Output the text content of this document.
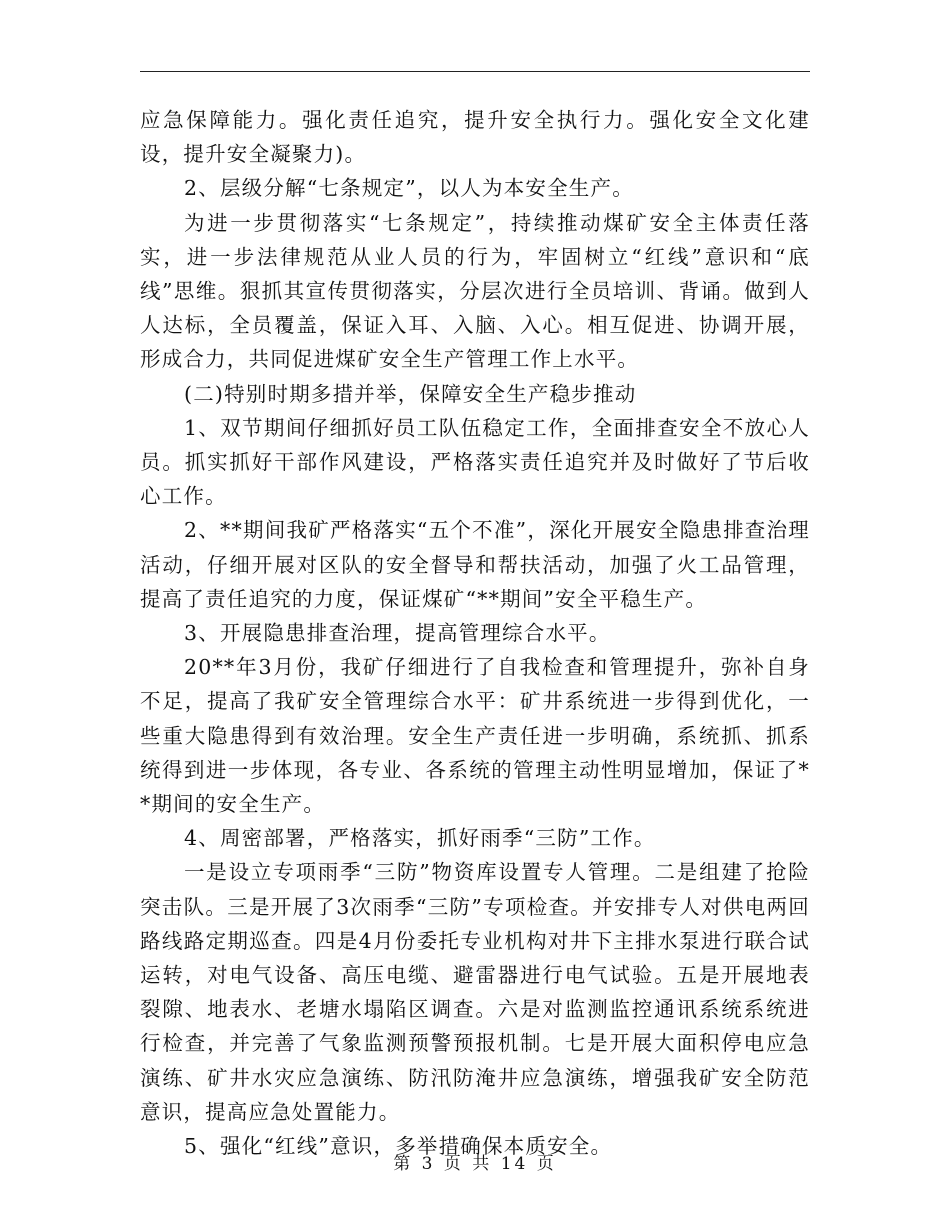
应急保障能力。强化责任追究，提升安全执行力。强化安全文化建设，提升安全凝聚力)。

2、层级分解“七条规定”，以人为本安全生产。

为进一步贯彻落实“七条规定”，持续推动煤矿安全主体责任落实，进一步法律规范从业人员的行为，牢固树立“红线”意识和“底线”思维。狠抓其宣传贯彻落实，分层次进行全员培训、背诵。做到人人达标，全员覆盖，保证入耳、入脑、入心。相互促进、协调开展，形成合力，共同促进煤矿安全生产管理工作上水平。

(二)特别时期多措并举，保障安全生产稳步推动

1、双节期间仔细抓好员工队伍稳定工作，全面排查安全不放心人员。抓实抓好干部作风建设，严格落实责任追究并及时做好了节后收心工作。

2、**期间我矿严格落实“五个不准”，深化开展安全隐患排查治理活动，仔细开展对区队的安全督导和帮扶活动，加强了火工品管理，提高了责任追究的力度，保证煤矿“**期间”安全平稳生产。

3、开展隐患排查治理，提高管理综合水平。

20**年3月份，我矿仔细进行了自我检查和管理提升，弥补自身不足，提高了我矿安全管理综合水平：矿井系统进一步得到优化，一些重大隐患得到有效治理。安全生产责任进一步明确，系统抓、抓系统得到进一步体现，各专业、各系统的管理主动性明显增加，保证了**期间的安全生产。

4、周密部署，严格落实，抓好雨季“三防”工作。

一是设立专项雨季“三防”物资库设置专人管理。二是组建了抢险突击队。三是开展了3次雨季“三防”专项检查。并安排专人对供电两回路线路定期巡查。四是4月份委托专业机构对井下主排水泵进行联合试运转，对电气设备、高压电缆、避雷器进行电气试验。五是开展地表裂隙、地表水、老塘水塌陷区调查。六是对监测监控通讯系统系统进行检查，并完善了气象监测预警预报机制。七是开展大面积停电应急演练、矿井水灾应急演练、防汛防淹井应急演练，增强我矿安全防范意识，提高应急处置能力。

5、强化“红线”意识，多举措确保本质安全。

第 3 页 共 14 页
